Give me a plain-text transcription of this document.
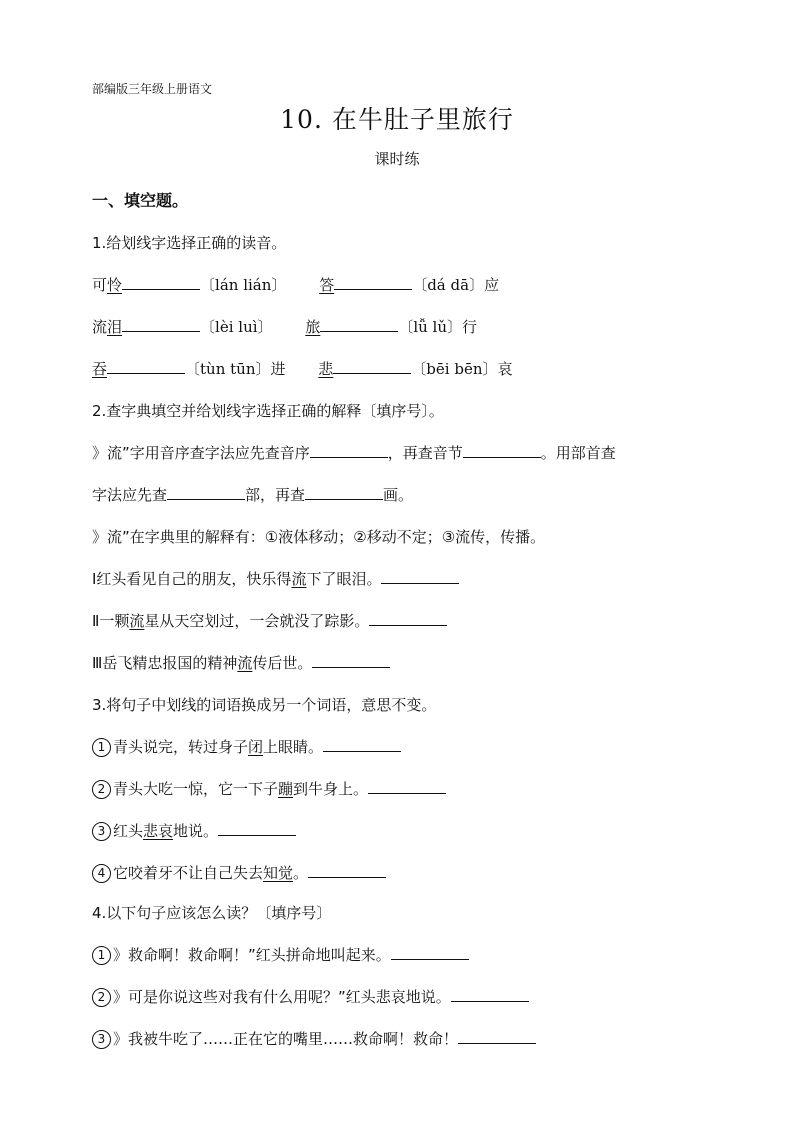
部编版三年级上册语文
10. 在牛肚子里旅行
课时练
一、填空题。
1.给划线字选择正确的读音。
可怜	〔lán lián〕 答	〔dá dā〕应
流泪	〔lèi luì〕 旅	〔lǚ lǔ〕行
吞	〔tùn tūn〕进 悲	〔bēi bēn〕哀
2.查字典填空并给划线字选择正确的解释〔填序号〕。
》流”字用音序查字法应先查音序	，再查音节	。用部首查
字法应先查	部，再查	画。
》流”在字典里的解释有：①液体移动；②移动不定；③流传，传播。
Ⅰ红头看见自己的朋友，快乐得流下了眼泪。
Ⅱ一颗流星从天空划过，一会就没了踪影。
Ⅲ岳飞精忠报国的精神流传后世。
3.将句子中划线的词语换成另一个词语，意思不变。
1 青头说完，转过身子闭上眼睛。
2 青头大吃一惊，它一下子蹦到牛身上。
3 红头悲哀地说。
4 它咬着牙不让自己失去知觉。
4.以下句子应该怎么读？〔填序号〕
1 》救命啊！救命啊！”红头拼命地叫起来。
2 》可是你说这些对我有什么用呢？”红头悲哀地说。
3 》我被牛吃了……正在它的嘴里……救命啊！救命！
